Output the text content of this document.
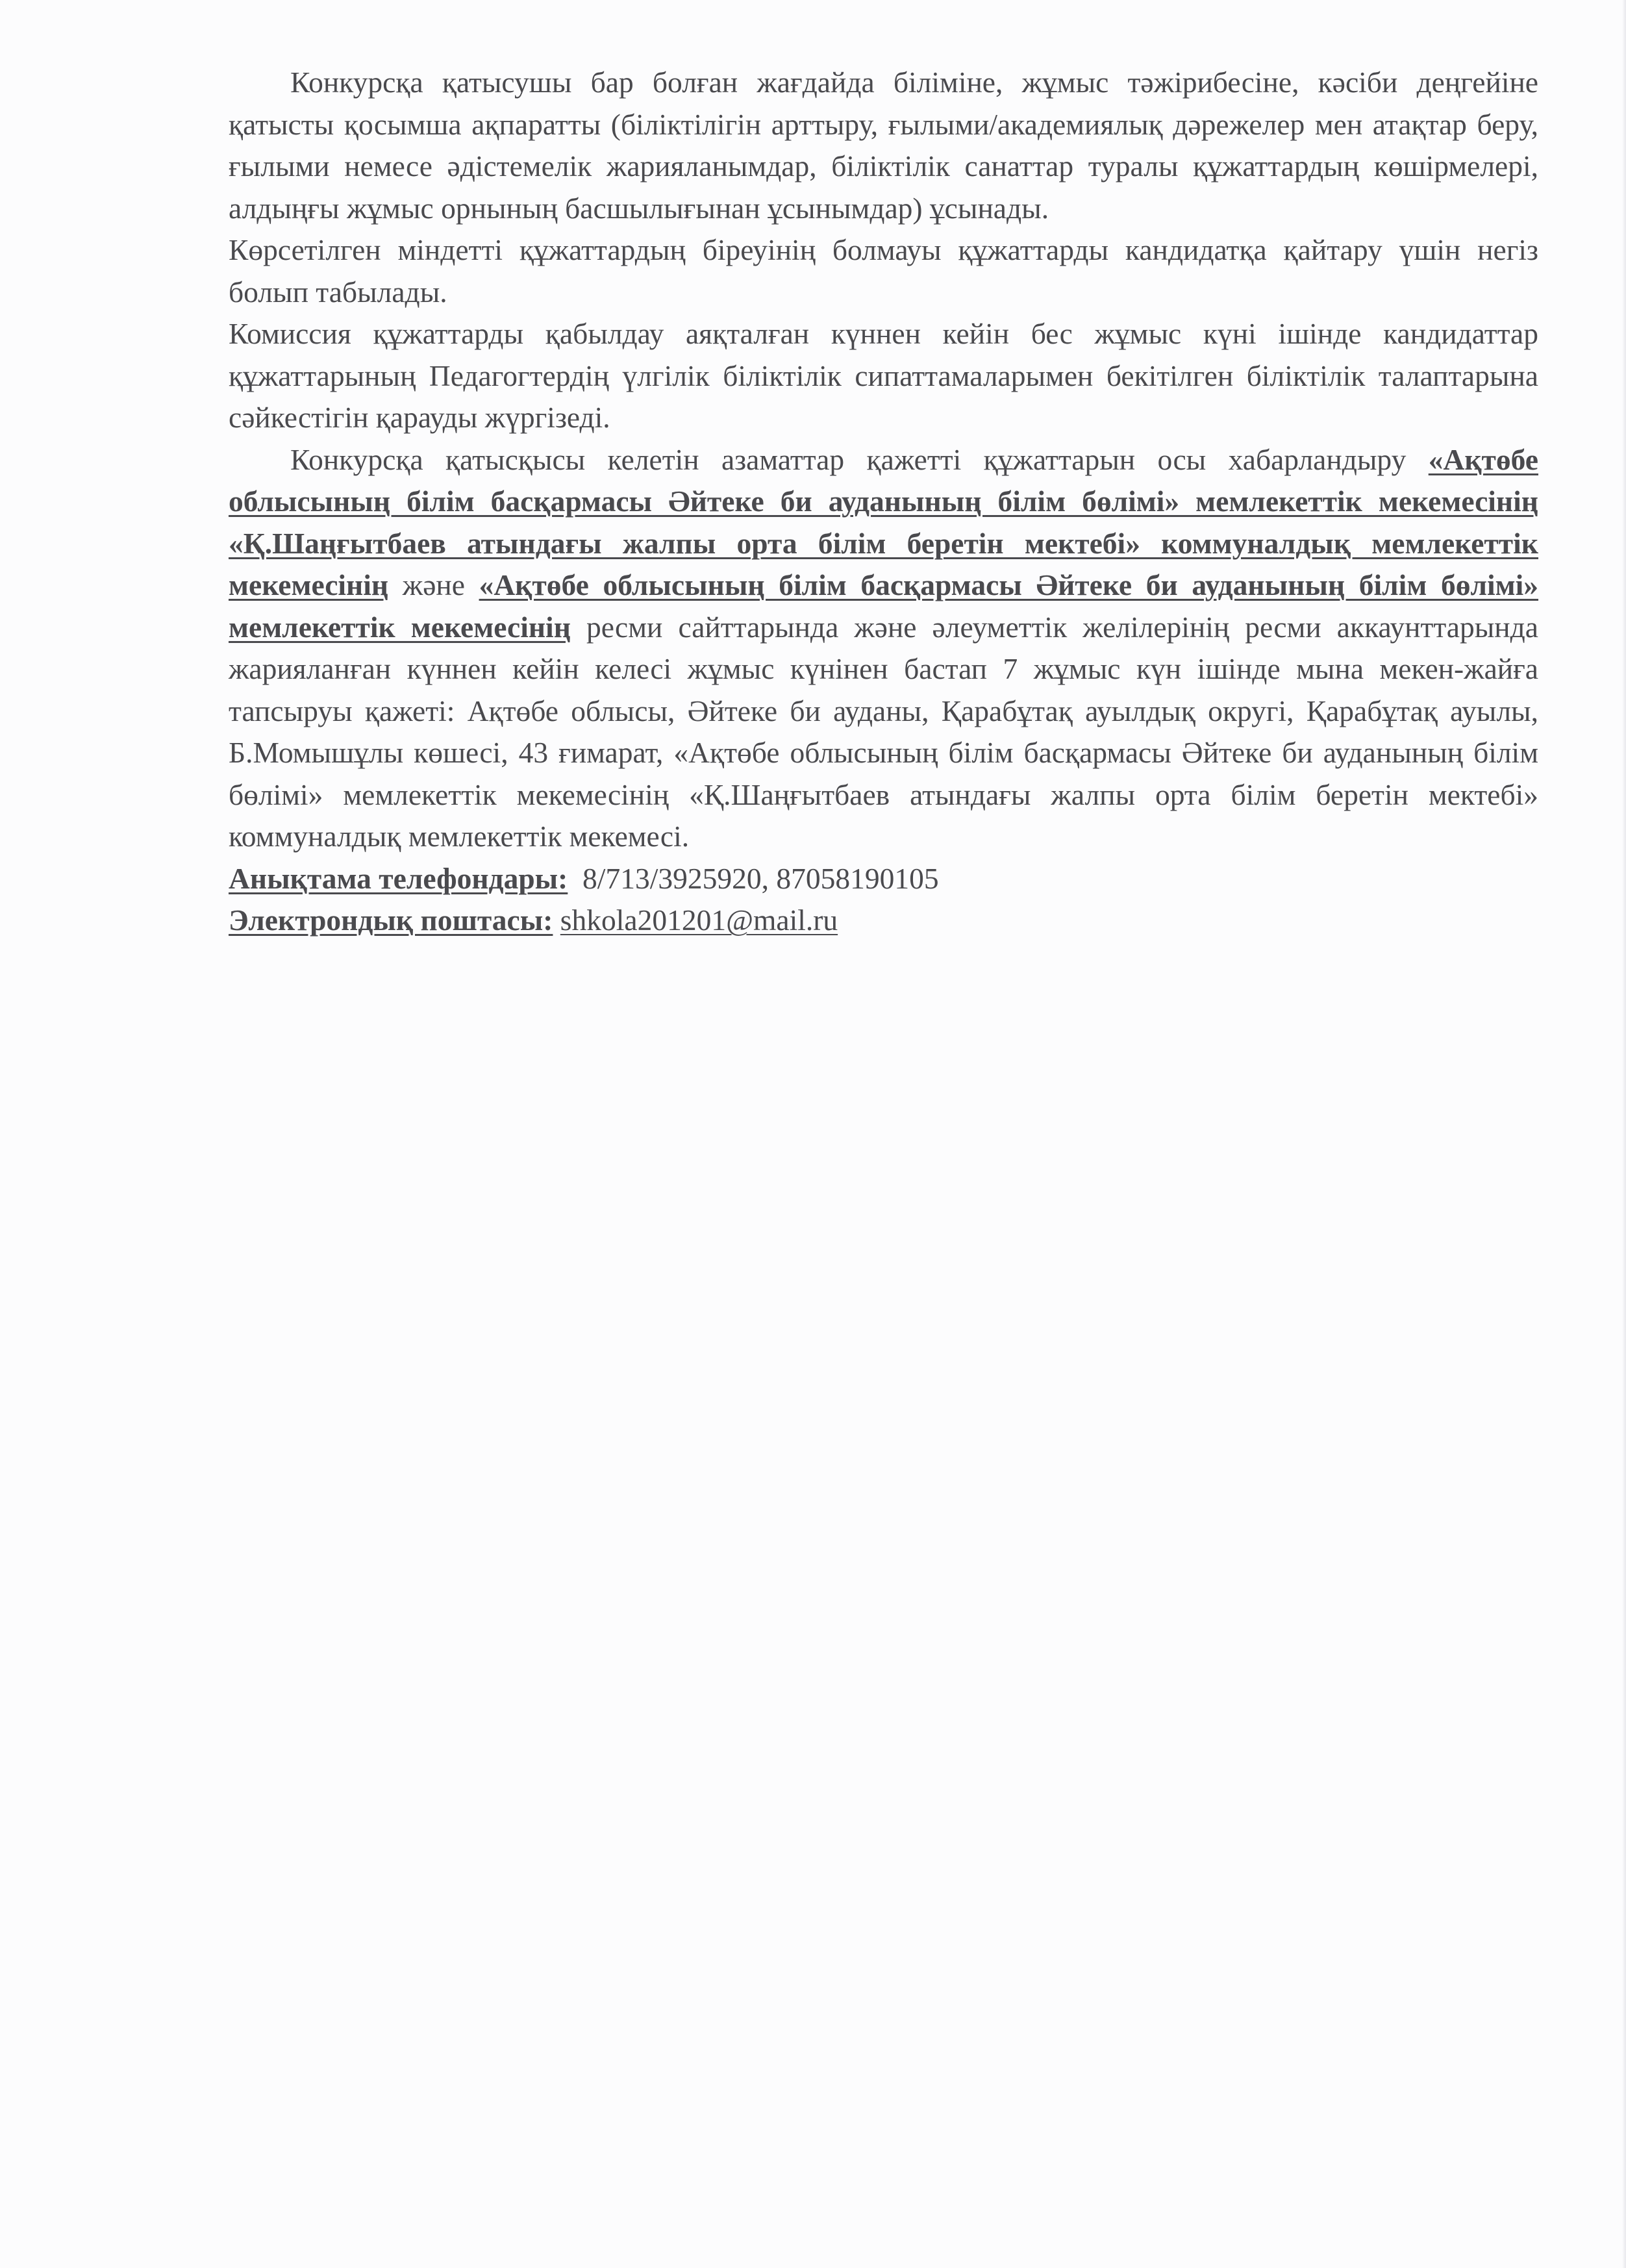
Конкурсқа қатысушы бар болған жағдайда біліміне, жұмыс тәжірибесіне, кәсіби деңгейіне қатысты қосымша ақпаратты (біліктілігін арттыру, ғылыми/академиялық дәрежелер мен атақтар беру, ғылыми немесе әдістемелік жарияланымдар, біліктілік санаттар туралы құжаттардың көшірмелері, алдыңғы жұмыс орнының басшылығынан ұсынымдар) ұсынады.

Көрсетілген міндетті құжаттардың біреуінің болмауы құжаттарды кандидатқа қайтару үшін негіз болып табылады.

Комиссия құжаттарды қабылдау аяқталған күннен кейін бес жұмыс күні ішінде кандидаттар құжаттарының Педагогтердің үлгілік біліктілік сипаттамаларымен бекітілген біліктілік талаптарына сәйкестігін қарауды жүргізеді.

Конкурсқа қатысқысы келетін азаматтар қажетті құжаттарын осы хабарландыру «Ақтөбе облысының білім басқармасы Әйтеке би ауданының білім бөлімі» мемлекеттік мекемесінің «Қ.Шаңғытбаев атындағы жалпы орта білім беретін мектебі» коммуналдық мемлекеттік мекемесінің және «Ақтөбе облысының білім басқармасы Әйтеке би ауданының білім бөлімі» мемлекеттік мекемесінің ресми сайттарында және әлеуметтік желілерінің ресми аккаунттарында жарияланған күннен кейін келесі жұмыс күнінен бастап 7 жұмыс күн ішінде мына мекен-жайға тапсыруы қажеті: Ақтөбе облысы, Әйтеке би ауданы, Қарабұтақ ауылдық округі, Қарабұтақ ауылы, Б.Момышұлы көшесі, 43 ғимарат, «Ақтөбе облысының білім басқармасы Әйтеке би ауданының білім бөлімі» мемлекеттік мекемесінің «Қ.Шаңғытбаев атындағы жалпы орта білім беретін мектебі» коммуналдық мемлекеттік мекемесі.

Анықтама телефондары: 8/713/3925920, 87058190105

Электрондық поштасы: shkola201201@mail.ru
